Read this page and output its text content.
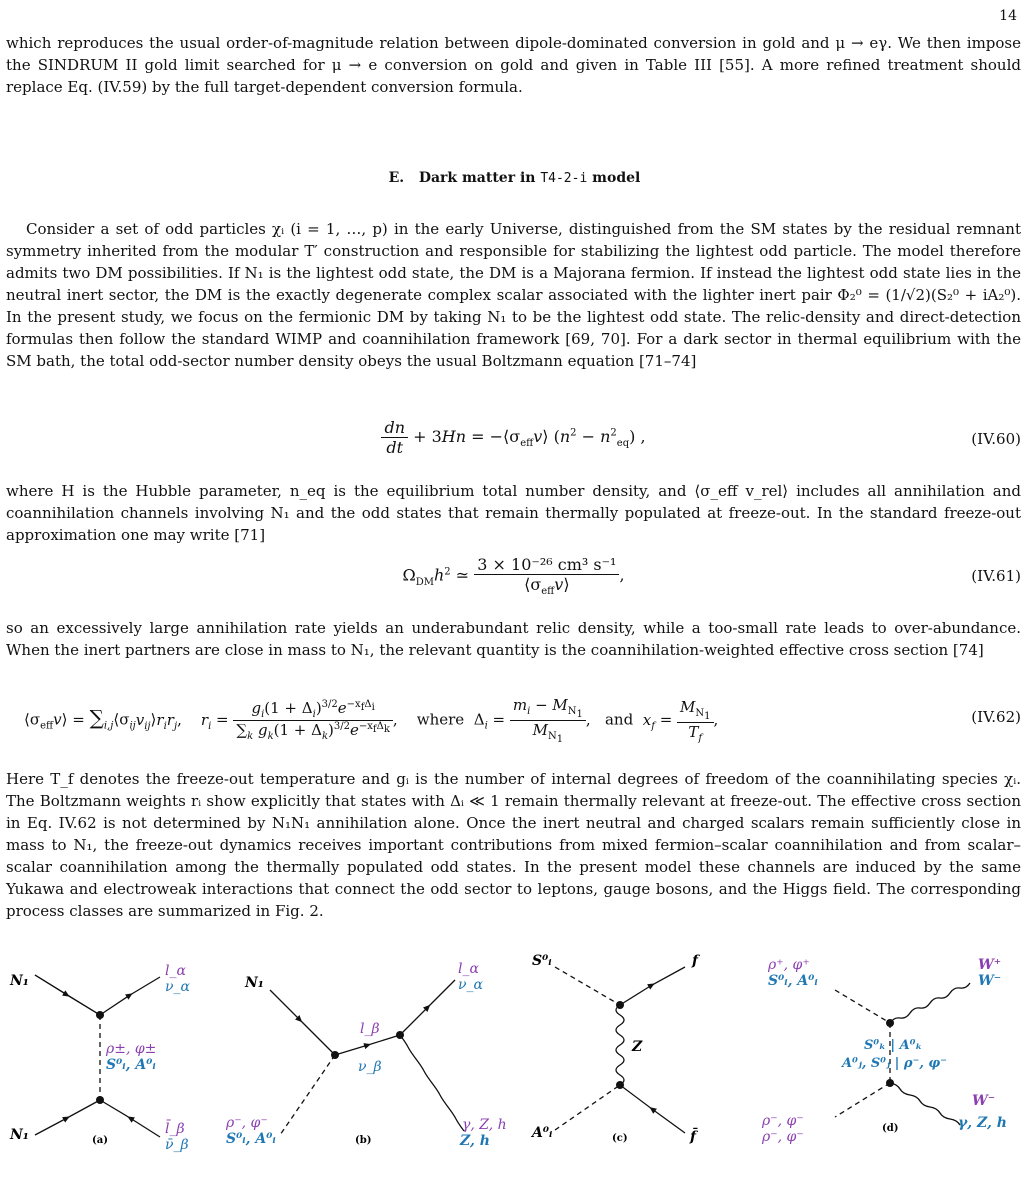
14

which reproduces the usual order-of-magnitude relation between dipole-dominated conversion in gold and μ → eγ. We then impose the SINDRUM II gold limit searched for μ → e conversion on gold and given in Table III [55]. A more refined treatment should replace Eq. (IV.59) by the full target-dependent conversion formula.

E. Dark matter in T4-2-i model

Consider a set of odd particles χᵢ (i = 1, …, p) in the early Universe, distinguished from the SM states by the residual remnant symmetry inherited from the modular T′ construction and responsible for stabilizing the lightest odd particle. The model therefore admits two DM possibilities. If N₁ is the lightest odd state, the DM is a Majorana fermion. If instead the lightest odd state lies in the neutral inert sector, the DM is the exactly degenerate complex scalar associated with the lighter inert pair Φ₂⁰ = (1/√2)(S₂⁰ + iA₂⁰). In the present study, we focus on the fermionic DM by taking N₁ to be the lightest odd state. The relic-density and direct-detection formulas then follow the standard WIMP and coannihilation framework [69, 70]. For a dark sector in thermal equilibrium with the SM bath, the total odd-sector number density obeys the usual Boltzmann equation [71–74]

$\frac{dn}{dt} + 3Hn$ = $-⟨\sigma_{eff}v⟩$ $(n^2 - n^2_{eq})$ ,	(IV.60)

where H is the Hubble parameter, n_eq is the equilibrium total number density, and ⟨σ_eff v_rel⟩ includes all annihilation and coannihilation channels involving N₁ and the odd states that remain thermally populated at freeze-out. In the standard freeze-out approximation one may write [71]

$\Omega_{DM}h^2$ ≃ $\frac{\text{3 × 10⁻²⁶ cm³ s⁻¹}}{⟨\sigma_{eff}v⟩}$ ,	(IV.61)

so an excessively large annihilation rate yields an underabundant relic density, while a too-small rate leads to over-abundance. When the inert partners are close in mass to N₁, the relevant quantity is the coannihilation-weighted effective cross section [74]

$⟨\sigma_{eff}v⟩$ = $\sum_{i,j}⟨\sigma_{ij}v_{ij}⟩r_ir_j$,    $r_i = \frac{g_i(1 + \Delta_i)^{3/2}e^{-x_f\Delta_i}}{\sum_k g_k(1 + \Delta_k)^{3/2}e^{-x_f\Delta_k}}$ ,    where  $\Delta_i = \frac{m_i - M_{N_1}}{M_{N_1}}$ ,   and $x_f = \frac{M_{N_1}}{T_f}$ ,	(IV.62)

Here T_f denotes the freeze-out temperature and gᵢ is the number of internal degrees of freedom of the coannihilating species χᵢ. The Boltzmann weights rᵢ show explicitly that states with Δᵢ ≪ 1 remain thermally relevant at freeze-out. The effective cross section in Eq. IV.62 is not determined by N₁N₁ annihilation alone. Once the inert neutral and charged scalars remain sufficiently close in mass to N₁, the freeze-out dynamics receives important contributions from mixed fermion–scalar coannihilation and from scalar–scalar coannihilation among the thermally populated odd states. In the present model these channels are induced by the same Yukawa and electroweak interactions that connect the odd sector to leptons, gauge bosons, and the Higgs field. The corresponding process classes are summarized in Fig. 2.

N₁
N₁
l_α
ν_α
l̄_β
ν̄_β
ρ±, φ±
S⁰ᵢ, A⁰ᵢ
(a)
N₁
ρ⁻, φ⁻
S⁰ᵢ, A⁰ᵢ
l_β
ν_β
l_α
ν_α
γ, Z, h
Z, h
(b)
S⁰ᵢ
A⁰ᵢ
Z
f
f̄
(c)
ρ⁺, φ⁺
S⁰ᵢ, A⁰ᵢ
W⁺
W⁻
S⁰ₖ | A⁰ₖ
A⁰ⱼ, S⁰ⱼ | ρ⁻, φ⁻
ρ⁻, φ⁻
ρ⁻, φ⁻
W⁻
γ, Z, h
(d)
